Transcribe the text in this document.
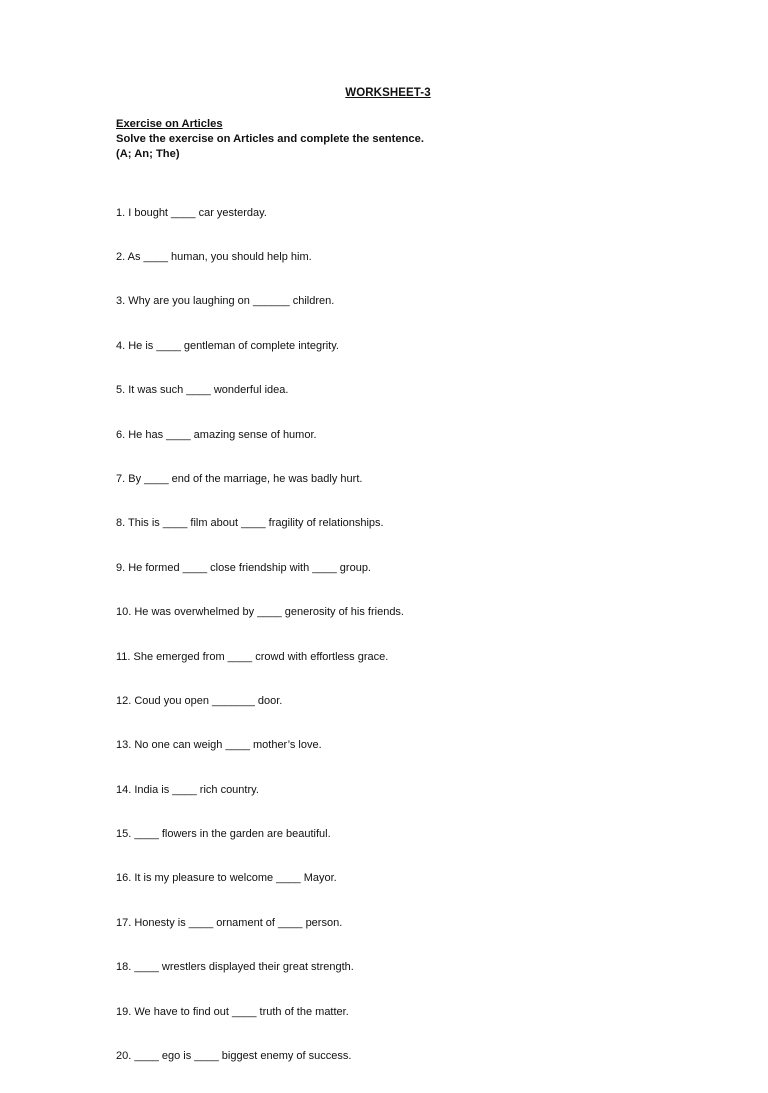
WORKSHEET-3
Exercise on Articles
Solve the exercise on Articles and complete the sentence.
(A; An; The)

1. I bought ____ car yesterday.

2. As ____ human, you should help him.

3. Why are you laughing on ______ children.

4. He is ____ gentleman of complete integrity.

5. It was such ____ wonderful idea.

6. He has ____ amazing sense of humor.

7. By ____ end of the marriage, he was badly hurt.

8. This is ____ film about ____ fragility of relationships.

9. He formed ____ close friendship with ____ group.

10. He was overwhelmed by ____ generosity of his friends.

11. She emerged from ____ crowd with effortless grace.

12. Coud you open _______ door.

13. No one can weigh ____ mother’s love.

14. India is ____ rich country.

15. ____ flowers in the garden are beautiful.

16. It is my pleasure to welcome ____ Mayor.

17. Honesty is ____ ornament of ____ person.

18. ____ wrestlers displayed their great strength.

19. We have to find out ____ truth of the matter.

20. ____ ego is ____ biggest enemy of success.
